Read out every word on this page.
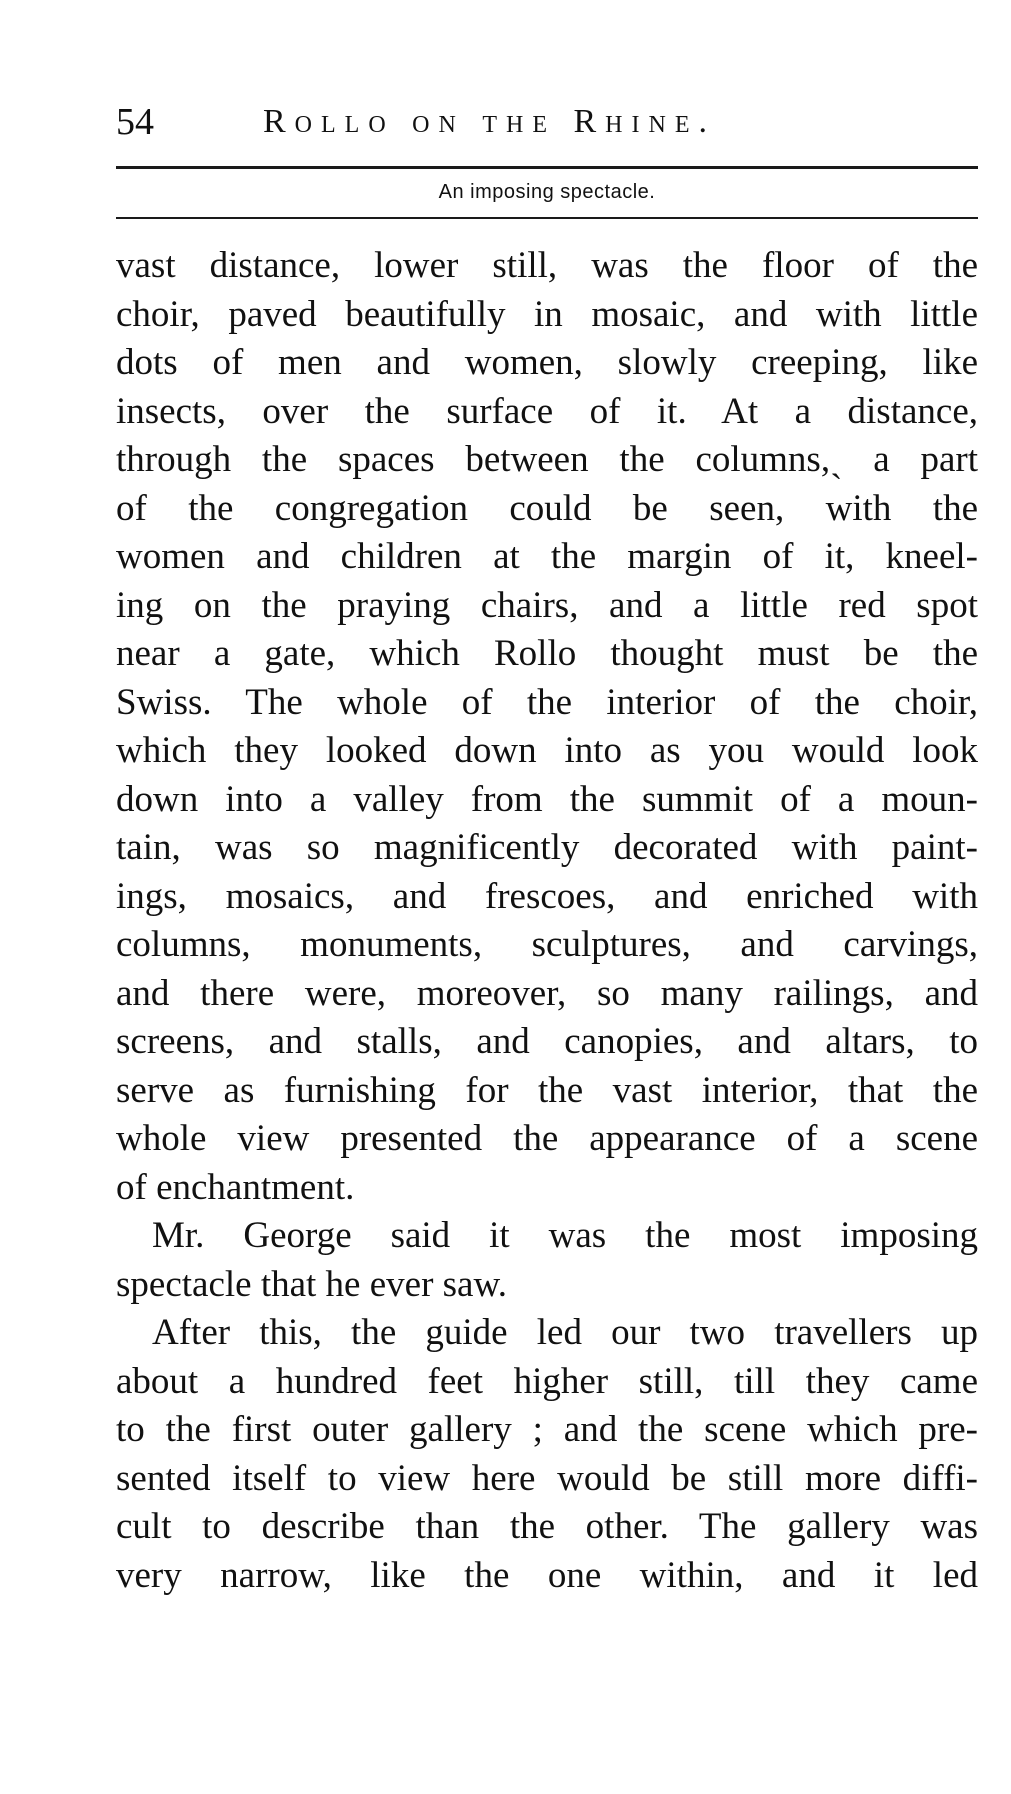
54	Rollo on the Rhine.
An imposing spectacle.
vast distance, lower still, was the floor of the
choir, paved beautifully in mosaic, and with little
dots of men and women, slowly creeping, like
insects, over the surface of it. At a distance,
through the spaces between the columns,ˎ a part
of the congregation could be seen, with the
women and children at the margin of it, kneel-
ing on the praying chairs, and a little red spot
near a gate, which Rollo thought must be the
Swiss. The whole of the interior of the choir,
which they looked down into as you would look
down into a valley from the summit of a moun-
tain, was so magnificently decorated with paint-
ings, mosaics, and frescoes, and enriched with
columns, monuments, sculptures, and carvings,
and there were, moreover, so many railings, and
screens, and stalls, and canopies, and altars, to
serve as furnishing for the vast interior, that the
whole view presented the appearance of a scene
of enchantment.
Mr. George said it was the most imposing
spectacle that he ever saw.
After this, the guide led our two travellers up
about a hundred feet higher still, till they came
to the first outer gallery ; and the scene which pre-
sented itself to view here would be still more diffi-
cult to describe than the other. The gallery was
very narrow, like the one within, and it led
